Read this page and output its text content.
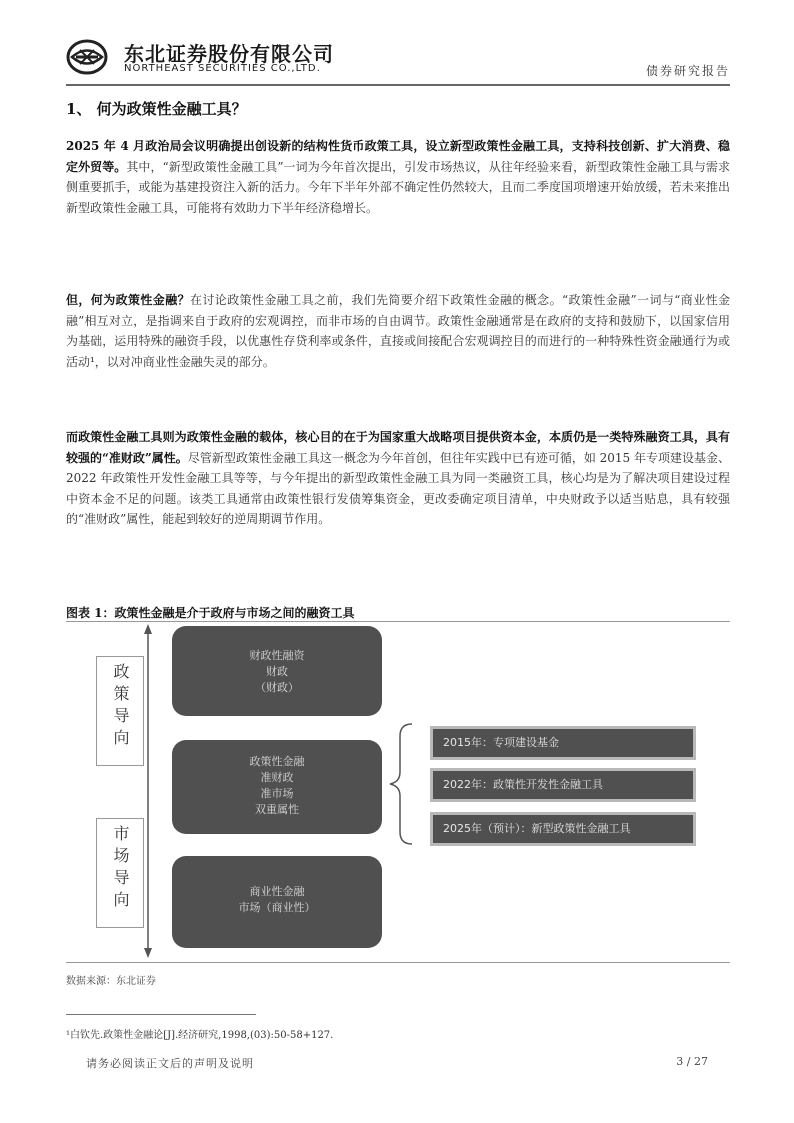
东北证券股份有限公司
NORTHEAST SECURITIES CO.,LTD.	债券研究报告
1、 何为政策性金融工具？
2025 年 4 月政治局会议明确提出创设新的结构性货币政策工具，设立新型政策性金融工具，支持科技创新、扩大消费、稳定外贸等。其中，“新型政策性金融工具”一词为今年首次提出，引发市场热议，从往年经验来看，新型政策性金融工具与需求侧重要抓手，或能为基建投资注入新的活力。今年下半年外部不确定性仍然较大，且而二季度国项增速开始放缓，若未来推出新型政策性金融工具，可能将有效助力下半年经济稳增长。
但，何为政策性金融？在讨论政策性金融工具之前，我们先简要介绍下政策性金融的概念。“政策性金融”一词与“商业性金融”相互对立，是指调来自于政府的宏观调控，而非市场的自由调节。政策性金融通常是在政府的支持和鼓励下，以国家信用为基础，运用特殊的融资手段，以优惠性存贷利率或条件，直接或间接配合宏观调控目的而进行的一种特殊性资金融通行为或活动¹，以对冲商业性金融失灵的部分。
而政策性金融工具则为政策性金融的载体，核心目的在于为国家重大战略项目提供资本金，本质仍是一类特殊融资工具，具有较强的“准财政”属性。尽管新型政策性金融工具这一概念为今年首创，但往年实践中已有迹可循，如 2015 年专项建设基金、2022 年政策性开发性金融工具等等，与今年提出的新型政策性金融工具为同一类融资工具，核心均是为了解决项目建设过程中资本金不足的问题。该类工具通常由政策性银行发债筹集资金，更改委确定项目清单，中央财政予以适当贴息，具有较强的“准财政”属性，能起到较好的逆周期调节作用。
图表 1：政策性金融是介于政府与市场之间的融资工具
政策导向
市场导向
财政性融资
财政
（财政）
政策性金融
准财政
准市场
双重属性
商业性金融
市场（商业性）
2015年：专项建设基金
2022年：政策性开发性金融工具
2025年（预计）：新型政策性金融工具
数据来源：东北证券
¹白钦先.政策性金融论[J].经济研究,1998,(03):50-58+127.
请务必阅读正文后的声明及说明	3 / 27
